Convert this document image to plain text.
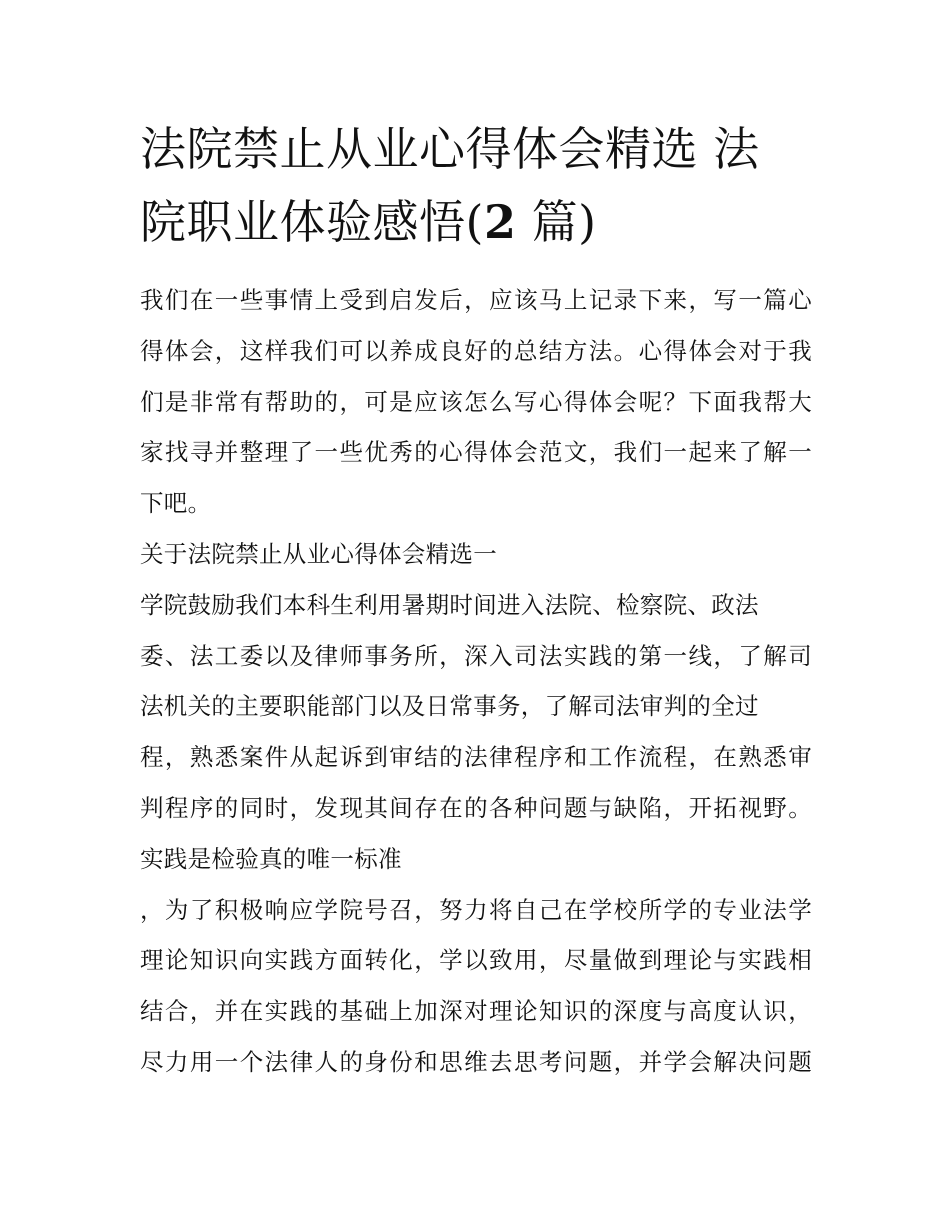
法院禁止从业心得体会精选 法
院职业体验感悟(2 篇)
我们在一些事情上受到启发后，应该马上记录下来，写一篇心
得体会，这样我们可以养成良好的总结方法。心得体会对于我
们是非常有帮助的，可是应该怎么写心得体会呢？下面我帮大
家找寻并整理了一些优秀的心得体会范文，我们一起来了解一
下吧。
关于法院禁止从业心得体会精选一
学院鼓励我们本科生利用暑期时间进入法院、检察院、政法
委、法工委以及律师事务所，深入司法实践的第一线，了解司
法机关的主要职能部门以及日常事务，了解司法审判的全过
程，熟悉案件从起诉到审结的法律程序和工作流程，在熟悉审
判程序的同时，发现其间存在的各种问题与缺陷，开拓视野。
实践是检验真的唯一标准
，为了积极响应学院号召，努力将自己在学校所学的专业法学
理论知识向实践方面转化，学以致用，尽量做到理论与实践相
结合，并在实践的基础上加深对理论知识的深度与高度认识，
尽力用一个法律人的身份和思维去思考问题，并学会解决问题
